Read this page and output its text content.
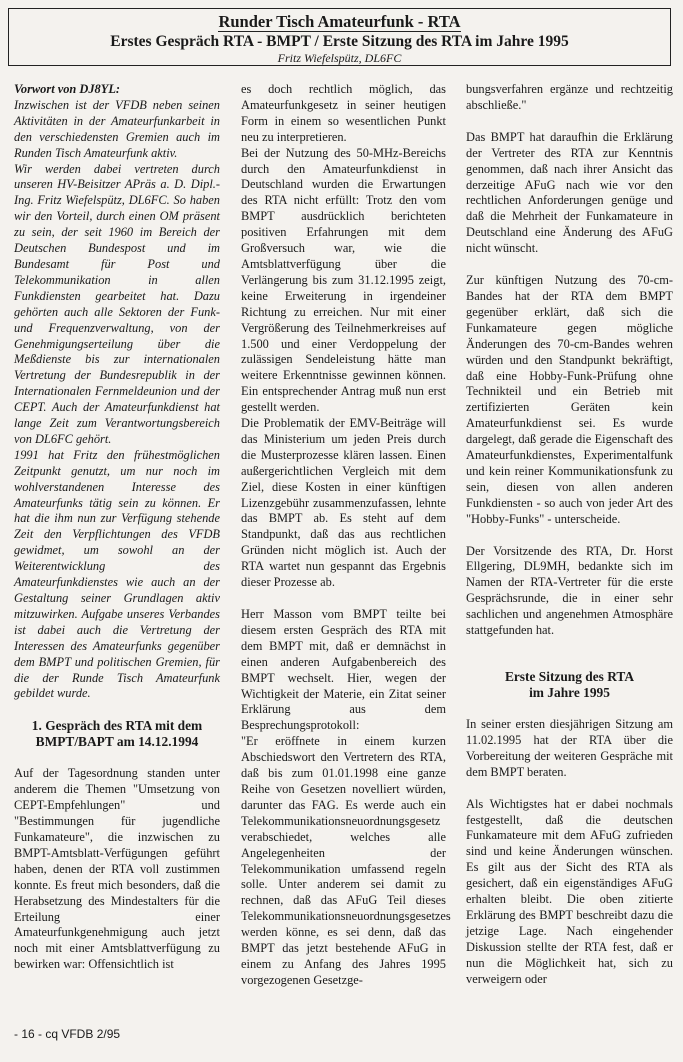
Runder Tisch Amateurfunk - RTA
Erstes Gespräch RTA - BMPT / Erste Sitzung des RTA im Jahre 1995
Fritz Wiefelspütz, DL6FC

Vorwort von DJ8YL:

Inzwischen ist der VFDB neben seinen Aktivitäten in der Amateurfunkarbeit in den verschiedensten Gremien auch im Runden Tisch Amateurfunk aktiv.

Wir werden dabei vertreten durch unseren HV-Beisitzer APräs a. D. Dipl.-Ing. Fritz Wiefelspütz, DL6FC. So haben wir den Vorteil, durch einen OM präsent zu sein, der seit 1960 im Bereich der Deutschen Bundespost und im Bundesamt für Post und Telekommunikation in allen Funkdiensten gearbeitet hat. Dazu gehörten auch alle Sektoren der Funk- und Frequenzverwaltung, von der Genehmigungserteilung über die Meßdienste bis zur internationalen Vertretung der Bundesrepublik in der Internationalen Fernmeldeunion und der CEPT. Auch der Amateurfunkdienst hat lange Zeit zum Verantwortungsbereich von DL6FC gehört.

1991 hat Fritz den frühestmöglichen Zeitpunkt genutzt, um nur noch im wohlverstandenen Interesse des Amateurfunks tätig sein zu können. Er hat die ihm nun zur Verfügung stehende Zeit den Verpflichtungen des VFDB gewidmet, um sowohl an der Weiterentwicklung des Amateurfunkdienstes wie auch an der Gestaltung seiner Grundlagen aktiv mitzuwirken. Aufgabe unseres Verbandes ist dabei auch die Vertretung der Interessen des Amateurfunks gegenüber dem BMPT und politischen Gremien, für die der Runde Tisch Amateurfunk gebildet wurde.

1. Gespräch des RTA mit dem BMPT/BAPT am 14.12.1994

Auf der Tagesordnung standen unter anderem die Themen "Umsetzung von CEPT-Empfehlungen" und "Bestimmungen für jugendliche Funkamateure", die inzwischen zu BMPT-Amtsblatt-Verfügungen geführt haben, denen der RTA voll zustimmen konnte. Es freut mich besonders, daß die Herabsetzung des Mindestalters für die Erteilung einer Amateurfunkgenehmigung auch jetzt noch mit einer Amtsblattverfügung zu bewirken war: Offensichtlich ist

es doch rechtlich möglich, das Amateurfunkgesetz in seiner heutigen Form in einem so wesentlichen Punkt neu zu interpretieren.

Bei der Nutzung des 50-MHz-Bereichs durch den Amateurfunkdienst in Deutschland wurden die Erwartungen des RTA nicht erfüllt: Trotz den vom BMPT ausdrücklich berichteten positiven Erfahrungen mit dem Großversuch war, wie die Amtsblattverfügung über die Verlängerung bis zum 31.12.1995 zeigt, keine Erweiterung in irgendeiner Richtung zu erreichen. Nur mit einer Vergrößerung des Teilnehmerkreises auf 1.500 und einer Verdoppelung der zulässigen Sendeleistung hätte man weitere Erkenntnisse gewinnen können. Ein entsprechender Antrag muß nun erst gestellt werden.

Die Problematik der EMV-Beiträge will das Ministerium um jeden Preis durch die Musterprozesse klären lassen. Einen außergerichtlichen Vergleich mit dem Ziel, diese Kosten in einer künftigen Lizenzgebühr zusammenzufassen, lehnte das BMPT ab. Es steht auf dem Standpunkt, daß das aus rechtlichen Gründen nicht möglich ist. Auch der RTA wartet nun gespannt das Ergebnis dieser Prozesse ab.

Herr Masson vom BMPT teilte bei diesem ersten Gespräch des RTA mit dem BMPT mit, daß er demnächst in einen anderen Aufgabenbereich des BMPT wechselt. Hier, wegen der Wichtigkeit der Materie, ein Zitat seiner Erklärung aus dem Besprechungsprotokoll:

"Er eröffnete in einem kurzen Abschiedswort den Vertretern des RTA, daß bis zum 01.01.1998 eine ganze Reihe von Gesetzen novelliert würden, darunter das FAG. Es werde auch ein Telekommunikationsneuordnungsgesetz verabschiedet, welches alle Angelegenheiten der Telekommunikation umfassend regeln solle. Unter anderem sei damit zu rechnen, daß das AFuG Teil dieses Telekommunikationsneuordnungsgesetzes werden könne, es sei denn, daß das BMPT das jetzt bestehende AFuG in einem zu Anfang des Jahres 1995 vorgezogenen Gesetzge-

bungsverfahren ergänze und rechtzeitig abschließe."

Das BMPT hat daraufhin die Erklärung der Vertreter des RTA zur Kenntnis genommen, daß nach ihrer Ansicht das derzeitige AFuG nach wie vor den rechtlichen Anforderungen genüge und daß die Mehrheit der Funkamateure in Deutschland eine Änderung des AFuG nicht wünscht.

Zur künftigen Nutzung des 70-cm-Bandes hat der RTA dem BMPT gegenüber erklärt, daß sich die Funkamateure gegen mögliche Änderungen des 70-cm-Bandes wehren würden und den Standpunkt bekräftigt, daß eine Hobby-Funk-Prüfung ohne Technikteil und ein Betrieb mit zertifizierten Geräten kein Amateurfunkdienst sei. Es wurde dargelegt, daß gerade die Eigenschaft des Amateurfunkdienstes, Experimentalfunk und kein reiner Kommunikationsfunk zu sein, diesen von allen anderen Funkdiensten - so auch von jeder Art des "Hobby-Funks" - unterscheide.

Der Vorsitzende des RTA, Dr. Horst Ellgering, DL9MH, bedankte sich im Namen der RTA-Vertreter für die erste Gesprächsrunde, die in einer sehr sachlichen und angenehmen Atmosphäre stattgefunden hat.

Erste Sitzung des RTA

im Jahre 1995

In seiner ersten diesjährigen Sitzung am 11.02.1995 hat der RTA über die Vorbereitung der weiteren Gespräche mit dem BMPT beraten.

Als Wichtigstes hat er dabei nochmals festgestellt, daß die deutschen Funkamateure mit dem AFuG zufrieden sind und keine Änderungen wünschen. Es gilt aus der Sicht des RTA als gesichert, daß ein eigenständiges AFuG erhalten bleibt. Die oben zitierte Erklärung des BMPT beschreibt dazu die jetzige Lage. Nach eingehender Diskussion stellte der RTA fest, daß er nun die Möglichkeit hat, sich zu verweigern oder

- 16 - cq VFDB 2/95
